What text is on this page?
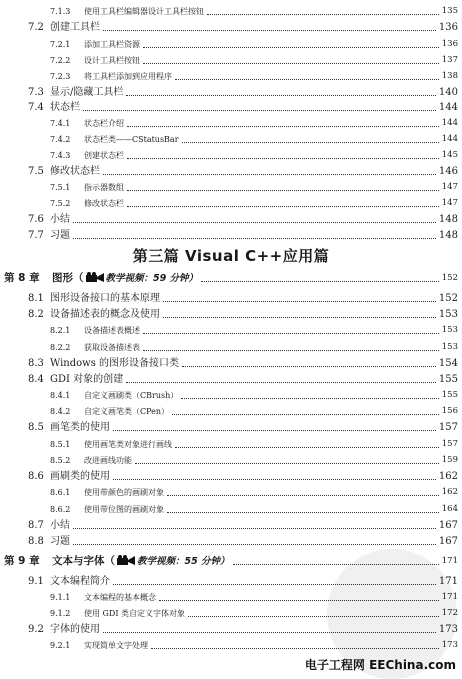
7.1.3 使用工具栏编辑器设计工具栏按钮	135
7.2 创建工具栏	136
7.2.1 添加工具栏资源	136
7.2.2 设计工具栏按钮	137
7.2.3 将工具栏添加到应用程序	138
7.3 显示/隐藏工具栏	140
7.4 状态栏	144
7.4.1 状态栏介绍	144
7.4.2 状态栏类——CStatusBar	144
7.4.3 创建状态栏	145
7.5 修改状态栏	146
7.5.1 指示器数组	147
7.5.2 修改状态栏	147
7.6 小结	148
7.7 习题	148
第 8 章 图形（ 教学视频：59 分钟）	152
8.1 图形设备接口的基本原理	152
8.2 设备描述表的概念及使用	153
8.2.1 设备描述表概述	153
8.2.2 获取设备描述表	153
8.3 Windows 的图形设备接口类	154
8.4 GDI 对象的创建	155
8.4.1 自定义画刷类（CBrush）	155
8.4.2 自定义画笔类（CPen）	156
8.5 画笔类的使用	157
8.5.1 使用画笔类对象进行画线	157
8.5.2 改进画线功能	159
8.6 画刷类的使用	162
8.6.1 使用带颜色的画刷对象	162
8.6.2 使用带位图的画刷对象	164
8.7 小结	167
8.8 习题	167
第 9 章 文本与字体（ 教学视频：55 分钟）	171
9.1 文本编程简介	171
9.1.1 文本编程的基本概念	171
9.1.2 使用 GDI 类自定义字体对象	172
9.2 字体的使用	173
9.2.1 实现简单文字处理	173
第三篇 Visual C++应用篇
电子工程网 EEChina.com
